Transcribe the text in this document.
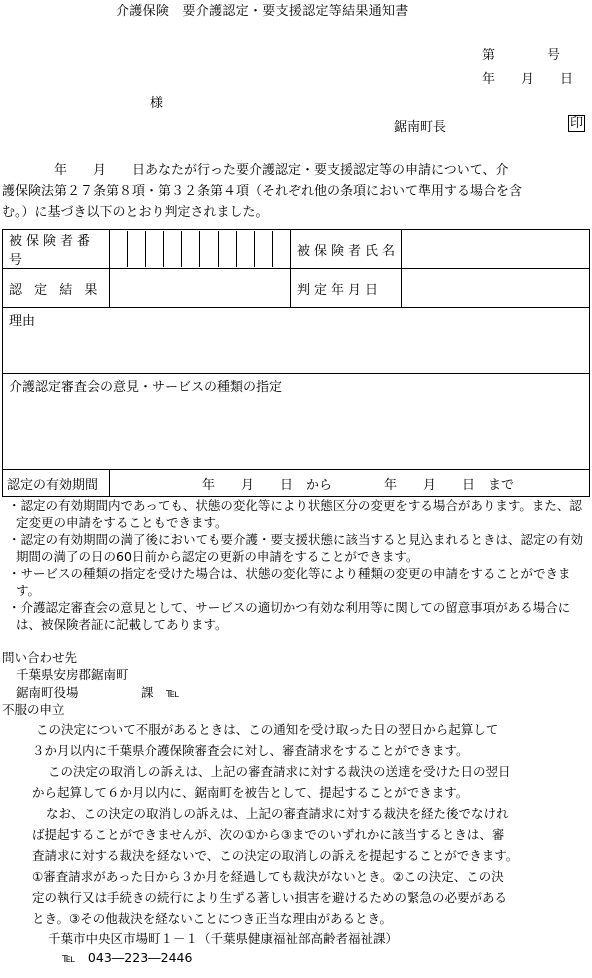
介護保険　要介護認定・要支援認定等結果通知書
第　　　　号
年　　月　　日
様
鋸南町長	印
　　　　年　　月　　日あなたが行った要介護認定・要支援認定等の申請について、介
護保険法第２７条第８項・第３２条第４項（それぞれ他の条項において準用する場合を含
む。）に基づき以下のとおり判定されました。
被保険者番号		被保険者氏名	
認 定 結 果		判定年月日	
理由			
介護認定審査会の意見・サービスの種類の指定			
認定の有効期間	年　　月　　日　から　　　　年　　月　　日　まで		
・認定の有効期間内であっても、状態の変化等により状態区分の変更をする場合があります。また、認定変更の申請をすることもできます。
・認定の有効期間の満了後においても要介護・要支援状態に該当すると見込まれるときは、認定の有効期間の満了の日の60日前から認定の更新の申請をすることができます。
・サービスの種類の指定を受けた場合は、状態の変化等により種類の変更の申請をすることができます。
・介護認定審査会の意見として、サービスの適切かつ有効な利用等に関しての留意事項がある場合には、被保険者証に記載してあります。
問い合わせ先
千葉県安房郡鋸南町
鋸南町役場　　　　　課　℡
不服の申立
この決定について不服があるときは、この通知を受け取った日の翌日から起算して
３か月以内に千葉県介護保険審査会に対し、審査請求をすることができます。
この決定の取消しの訴えは、上記の審査請求に対する裁決の送達を受けた日の翌日
から起算して６か月以内に、鋸南町を被告として、提起することができます。
なお、この決定の取消しの訴えは、上記の審査請求に対する裁決を経た後でなけれ
ば提起することができませんが、次の①から③までのいずれかに該当するときは、審
査請求に対する裁決を経ないで、この決定の取消しの訴えを提起することができます。
①審査請求があった日から３か月を経過しても裁決がないとき。②この決定、この決
定の執行又は手続きの続行により生ずる著しい損害を避けるための緊急の必要がある
とき。③その他裁決を経ないことにつき正当な理由があるとき。
千葉市中央区市場町１－１（千葉県健康福祉部高齢者福祉課）
℡　043―223―2446
